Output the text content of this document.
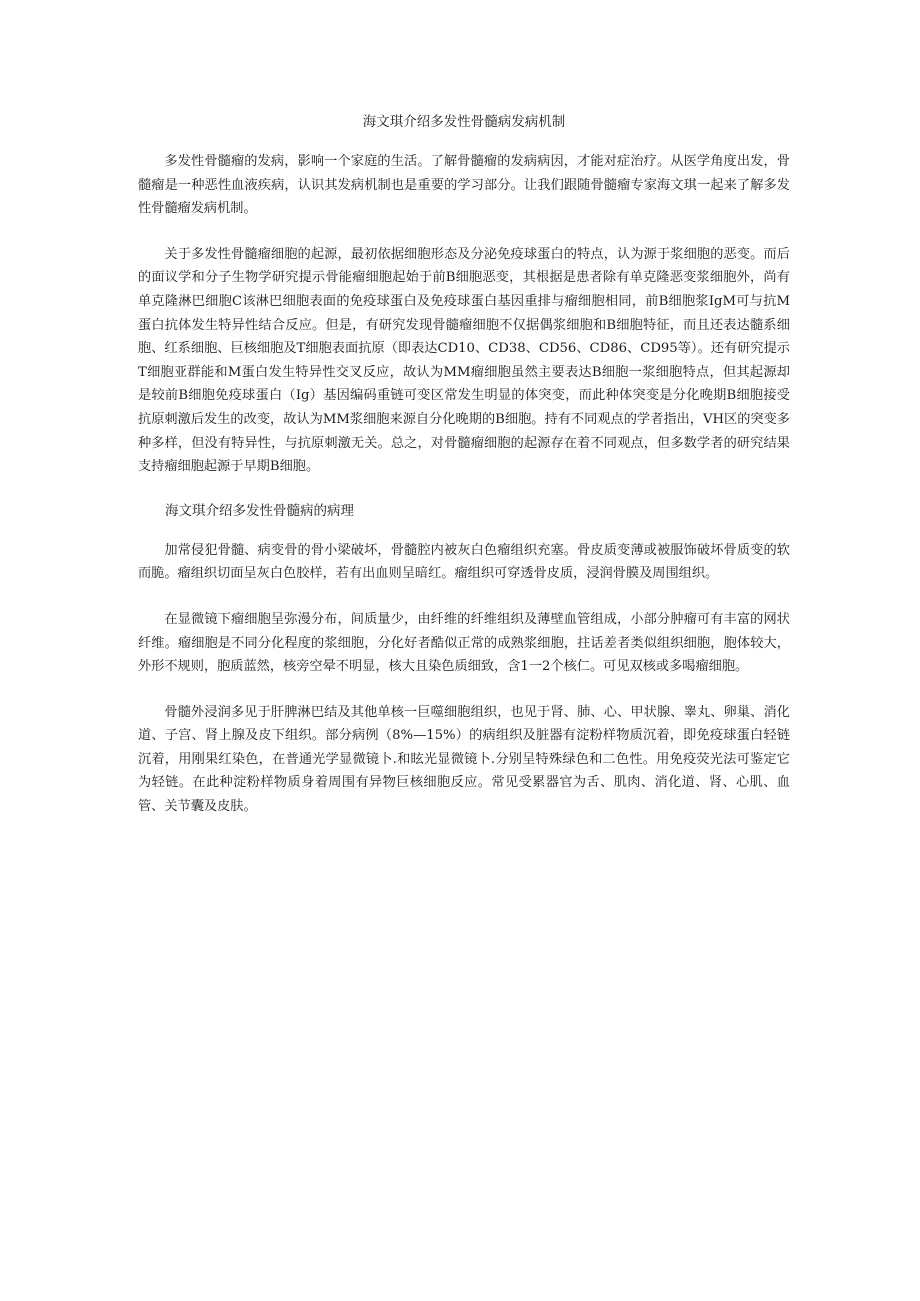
海文琪介绍多发性骨髓病发病机制

多发性骨髓瘤的发病，影响一个家庭的生活。了解骨髓瘤的发病病因，才能对症治疗。从医学角度出发，骨髓瘤是一种恶性血液疾病，认识其发病机制也是重要的学习部分。让我们跟随骨髓瘤专家海文琪一起来了解多发性骨髓瘤发病机制。

关于多发性骨髓瘤细胞的起源，最初依据细胞形态及分泌免疫球蛋白的特点，认为源于浆细胞的恶变。而后的面议学和分子生物学研究提示骨能瘤细胞起始于前B细胞恶变，其根据是患者除有单克隆恶变浆细胞外，尚有单克隆淋巴细胞C该淋巴细胞表面的免疫球蛋白及免疫球蛋白基因重排与瘤细胞相同，前B细胞浆IgM可与抗M蛋白抗体发生特异性结合反应。但是，有研究发现骨髓瘤细胞不仅据偶浆细胞和B细胞特征，而且还表达髓系细胞、红系细胞、巨核细胞及T细胞表面抗原（即表达CD10、CD38、CD56、CD86、CD95等）。还有研究提示T细胞亚群能和M蛋白发生特异性交叉反应，故认为MM瘤细胞虽然主要表达B细胞一浆细胞特点，但其起源却是较前B细胞免疫球蛋白（Ig）基因编码重链可变区常发生明显的体突变，而此种体突变是分化晚期B细胞接受抗原刺激后发生的改变，故认为MM浆细胞来源自分化晚期的B细胞。持有不同观点的学者指出，VH区的突变多种多样，但没有特异性，与抗原刺激无关。总之，对骨髓瘤细胞的起源存在着不同观点，但多数学者的研究结果支持瘤细胞起源于早期B细胞。

海文琪介绍多发性骨髓病的病理

加常侵犯骨髓、病变骨的骨小梁破坏，骨髓腔内被灰白色瘤组织充塞。骨皮质变薄或被服饰破坏骨质变的软而脆。瘤组织切面呈灰白色胶样，若有出血则呈暗红。瘤组织可穿透骨皮质，浸润骨膜及周围组织。

在显微镜下瘤细胞呈弥漫分布，间质量少，由纤维的纤维组织及薄壁血管组成，小部分肿瘤可有丰富的网状纤维。瘤细胞是不同分化程度的浆细胞，分化好者酷似正常的成熟浆细胞，拄话差者类似组织细胞，胞体较大，外形不规则，胞质蓝然，核旁空晕不明显，核大且染色质细致，含1一2个核仁。可见双核或多喝瘤细胞。

骨髓外浸润多见于肝脾淋巴结及其他单核一巨噬细胞组织，也见于肾、肺、心、甲状腺、睾丸、卵巢、消化道、子宫、肾上腺及皮下组织。部分病例（8%—15%）的病组织及脏器有淀粉样物质沉着，即免疫球蛋白轻链沉着，用刚果红染色，在普通光学显微镜卜.和眩光显微镜卜.分别呈特殊绿色和二色性。用免疫荧光法可鉴定它为轻链。在此种淀粉样物质身着周围有异物巨核细胞反应。常见受累器官为舌、肌肉、消化道、肾、心肌、血管、关节囊及皮肤。
